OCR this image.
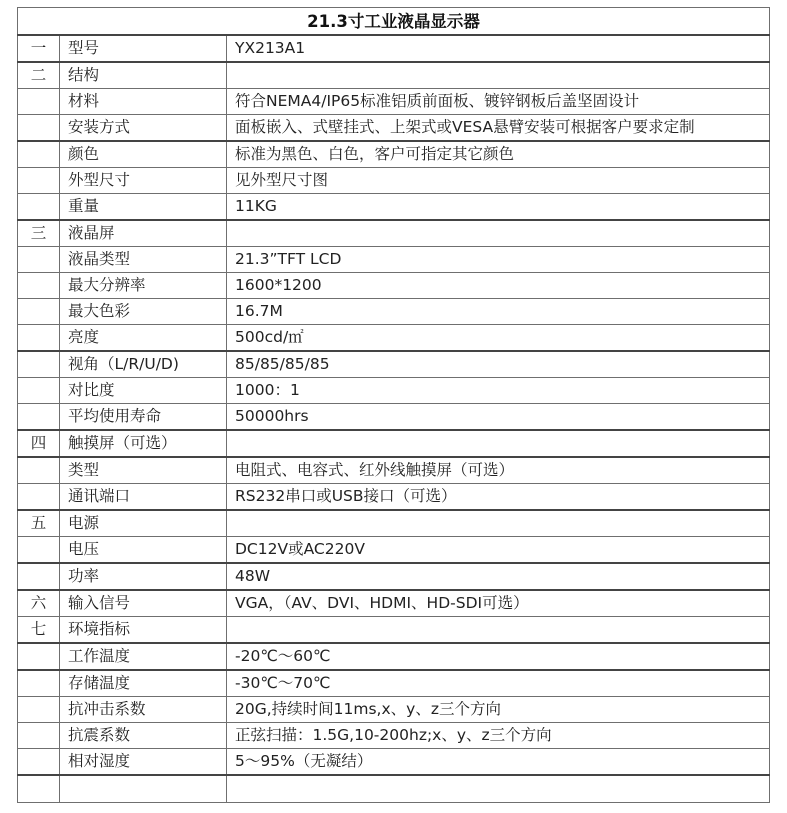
21.3寸工业液晶显示器		
一	型号	YX213A1
二	结构	
	材料	符合NEMA4/IP65标准铝质前面板、镀锌钢板后盖坚固设计
	安装方式	面板嵌入、式壁挂式、上架式或VESA悬臂安装可根据客户要求定制
	颜色	标准为黑色、白色，客户可指定其它颜色
	外型尺寸	见外型尺寸图
	重量	11KG
三	液晶屏	
	液晶类型	21.3”TFT LCD
	最大分辨率	1600*1200
	最大色彩	16.7M
	亮度	500cd/㎡
	视角（L/R/U/D)	85/85/85/85
	对比度	1000：1
	平均使用寿命	50000hrs
四	触摸屏（可选）	
	类型	电阻式、电容式、红外线触摸屏（可选）
	通讯端口	RS232串口或USB接口（可选）
五	电源	
	电压	DC12V或AC220V
	功率	48W
六	输入信号	VGA，（AV、DVI、HDMI、HD-SDI可选）
七	环境指标	
	工作温度	-20℃～60℃
	存储温度	-30℃～70℃
	抗冲击系数	20G,持续时间11ms,x、y、z三个方向
	抗震系数	正弦扫描：1.5G,10-200hz;x、y、z三个方向
	相对湿度	5～95%（无凝结）
